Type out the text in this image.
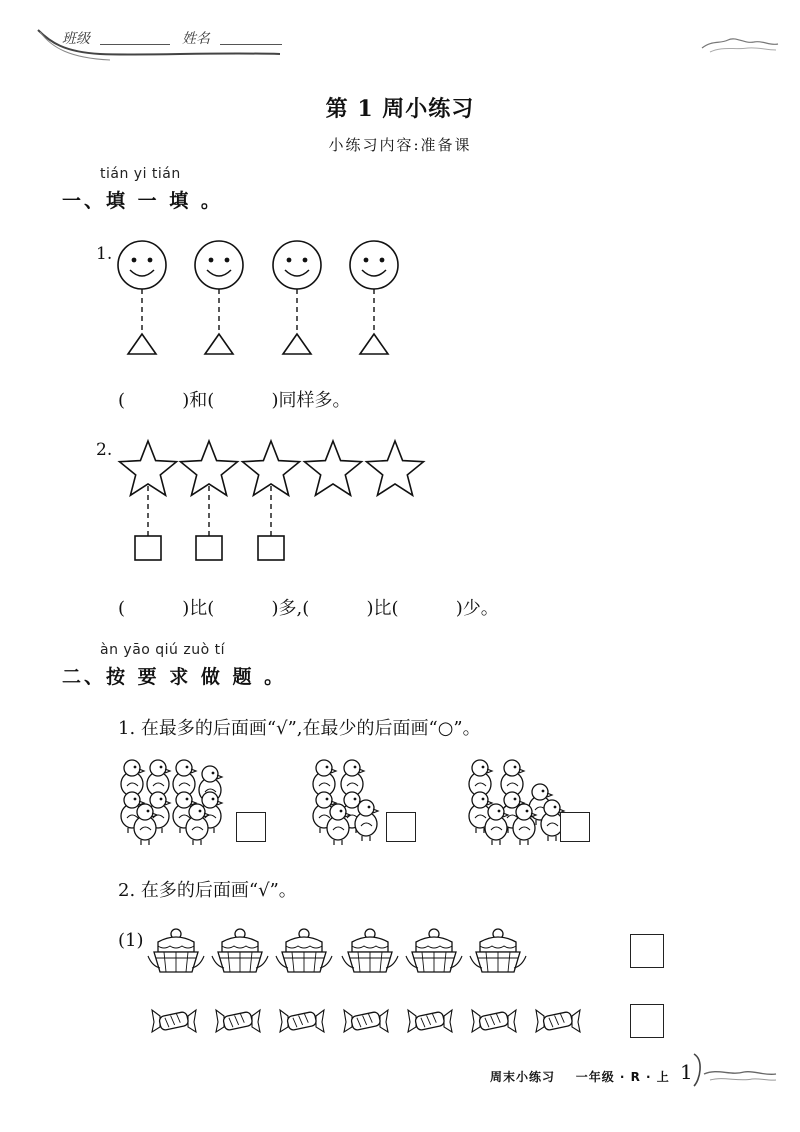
班级	姓名
第 1 周小练习
小练习内容:准备课
tián yi tián
一、填 一 填 。
1.
(          )和(          )同样多。
2.
(          )比(          )多,(          )比(          )少。
àn yāo qiú zuò tí
二、按 要 求 做 题 。
1. 在最多的后面画“√”,在最少的后面画“○”。
2. 在多的后面画“√”。
(1)
周末小练习    一年级 · R · 上 1
